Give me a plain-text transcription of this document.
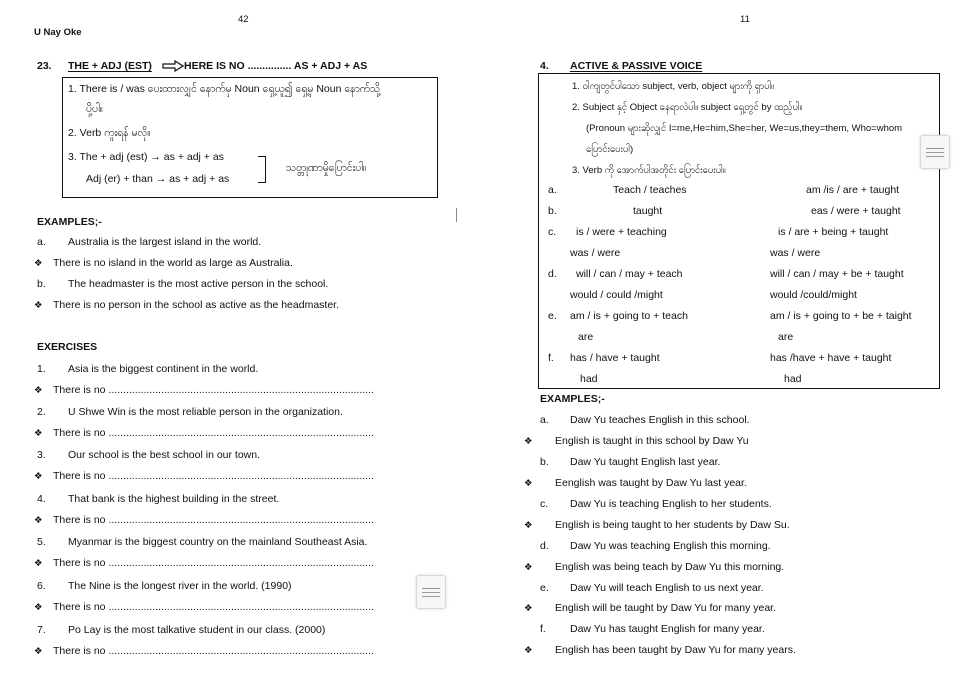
U Nay Oke
42	11
23. THE + ADJ (EST)	HERE IS NO ............... AS + ADJ + AS
1. There is / was ပေးထားလျှင် နောက်မှ Noun ရှေ့ယူ၍ ရှေ့မှ Noun နောက်သို့
ပို့ပါ။
2. Verb ကူးရန် မလို။
3. The + adj (est) → as + adj + as
Adj (er) + than → as + adj + as
သတ္တုဏာမှိုပြောင်းပါ။
EXAMPLES;-
a. Australia is the largest island in the world.
❖ There is no island in the world as large as Australia.
b. The headmaster is the most active person in the school.
❖ There is no person in the school as active as the headmaster.
EXERCISES
1. Asia is the biggest continent in the world.
❖ There is no ...........................................................................................
2. U Shwe Win is the most reliable person in the organization.
❖ There is no ...........................................................................................
3. Our school is the best school in our town.
❖ There is no ...........................................................................................
4. That bank is the highest building in the street.
❖ There is no ...........................................................................................
5. Myanmar is the biggest country on the mainland Southeast Asia.
❖ There is no ...........................................................................................
6. The Nine is the longest river in the world. (1990)
❖ There is no ...........................................................................................
7. Po Lay is the most talkative student in our class. (2000)
❖ There is no ...........................................................................................
4. ACTIVE & PASSIVE VOICE
1. ဝါကျတွင်ပါသော subject, verb, object များကို ရှာပါ။
2. Subject နှင့် Object နေရာလဲပါ။ subject ရှေ့တွင် by ထည့်ပါ။
(Pronoun များဆိုလျှင် I=me,He=him,She=her, We=us,they=them, Who=whom
ပြောင်းပေးပါ)
3. Verb ကို အောက်ပါအတိုင်း ပြောင်းပေးပါ။
a.	Teach / teaches	am /is / are + taught
b.	taught	eas / were + taught
c. is / were + teaching	is / are + being + taught
was / were	was / were
d. will / can / may + teach	will / can / may + be + taught
would / could /might	would /could/might
e. am / is + going to + teach	am / is + going to + be + taight
are	are
f. has / have + taught	has /have + have + taught
had	had
EXAMPLES;-
a. Daw Yu teaches English in this school.
❖ English is taught in this school by Daw Yu
b. Daw Yu taught English last year.
❖ Eenglish was taught by Daw Yu last year.
c. Daw Yu is teaching English to her students.
❖ English is being taught to her students by Daw Su.
d. Daw Yu was teaching English this morning.
❖ English was being teach by Daw Yu this morning.
e. Daw Yu will teach English to us next year.
❖ English will be taught by Daw Yu for many year.
f. Daw Yu has taught English for many year.
❖ English has been taught by Daw Yu for many years.
